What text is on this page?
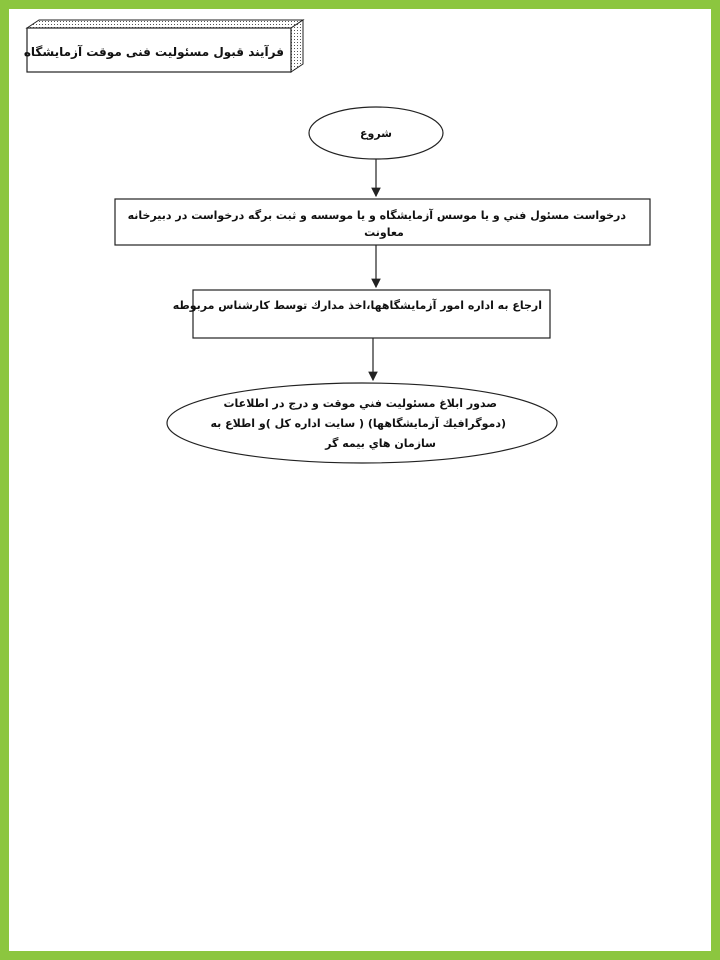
فرآیند قبول مسئولیت فنی موقت آزمایشگاه
شروع
درخواست مسئول فني و يا موسس آزمايشگاه و يا موسسه و ثبت برگه درخواست در دبيرخانه
معاونت
ارجاع به اداره امور آزمايشگاهها،اخذ مدارك توسط كارشناس مربوطه
صدور ابلاغ مسئوليت فني موقت و درج در اطلاعات
(دموگرافيك آزمايشگاهها) ( سايت اداره كل )و اطلاع به
سازمان هاي بيمه گر
